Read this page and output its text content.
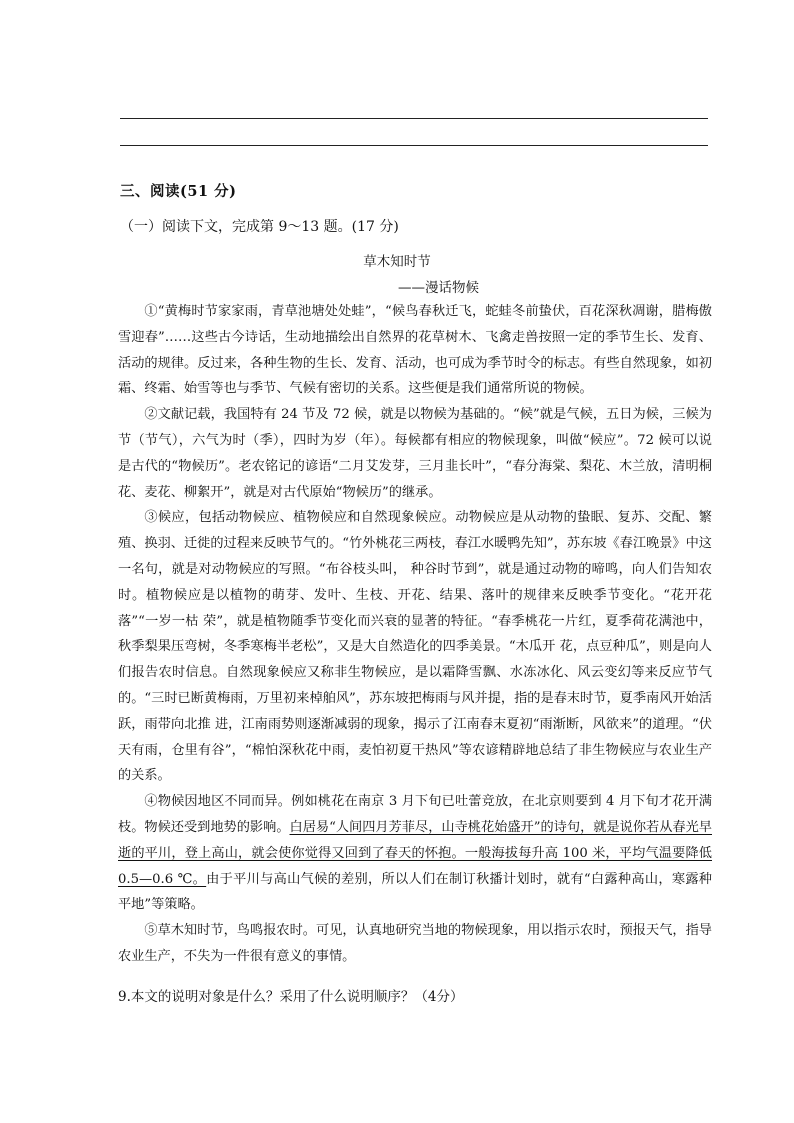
三、阅读(51 分)
（一）阅读下文，完成第 9～13 题。(17 分)
草木知时节
——漫话物候

①“黄梅时节家家雨，青草池塘处处蛙”，“候鸟春秋迁飞，蛇蛙冬前蛰伏，百花深秋凋谢，腊梅傲雪迎春”……这些古今诗话，生动地描绘出自然界的花草树木、飞禽走兽按照一定的季节生长、发育、活动的规律。反过来，各种生物的生长、发育、活动，也可成为季节时令的标志。有些自然现象，如初霜、终霜、始雪等也与季节、气候有密切的关系。这些便是我们通常所说的物候。

②文献记载，我国特有 24 节及 72 候，就是以物候为基础的。“候”就是气候，五日为候，三候为节（节气），六气为时（季），四时为岁（年）。每候都有相应的物候现象，叫做“候应”。72 候可以说是古代的“物候历”。老农铭记的谚语“二月艾发芽，三月韭长叶”，“春分海棠、梨花、木兰放，清明桐花、麦花、柳絮开”，就是对古代原始“物候历”的继承。

③候应，包括动物候应、植物候应和自然现象候应。动物候应是从动物的蛰眠、复苏、交配、繁殖、换羽、迁徙的过程来反映节气的。“竹外桃花三两枝，春江水暖鸭先知”，苏东坡《春江晚景》中这一名句，就是对动物候应的写照。“布谷枝头叫， 种谷时节到”，就是通过动物的啼鸣，向人们告知农时。植物候应是以植物的萌芽、发叶、生枝、开花、结果、落叶的规律来反映季节变化。“花开花落”“一岁一枯 荣”，就是植物随季节变化而兴衰的显著的特征。“春季桃花一片红，夏季荷花满池中，秋季梨果压弯树，冬季寒梅半老松”，又是大自然造化的四季美景。“木瓜开 花，点豆种瓜”，则是向人们报告农时信息。自然现象候应又称非生物候应，是以霜降雪飘、水冻冰化、风云变幻等来反应节气的。“三时已断黄梅雨，万里初来棹舶风”，苏东坡把梅雨与风并提，指的是春末时节，夏季南风开始活跃，雨带向北推 进，江南雨势则逐渐减弱的现象，揭示了江南春末夏初“雨渐断，风欲来”的道理。“伏天有雨，仓里有谷”，“棉怕深秋花中雨，麦怕初夏干热风”等农谚精辟地总结了非生物候应与农业生产的关系。

④物候因地区不同而异。例如桃花在南京 3 月下旬已吐蕾竞放，在北京则要到 4 月下旬才花开满枝。物候还受到地势的影响。白居易“人间四月芳菲尽，山寺桃花始盛开”的诗句，就是说你若从春光早逝的平川，登上高山，就会使你觉得又回到了春天的怀抱。一般海拔每升高 100 米，平均气温要降低 0.5—0.6 ℃。由于平川与高山气候的差别，所以人们在制订秋播计划时，就有“白露种高山，寒露种平地”等策略。

⑤草木知时节，鸟鸣报农时。可见，认真地研究当地的物候现象，用以指示农时，预报天气，指导农业生产，不失为一件很有意义的事情。

9.本文的说明对象是什么？采用了什么说明顺序？（4分）
